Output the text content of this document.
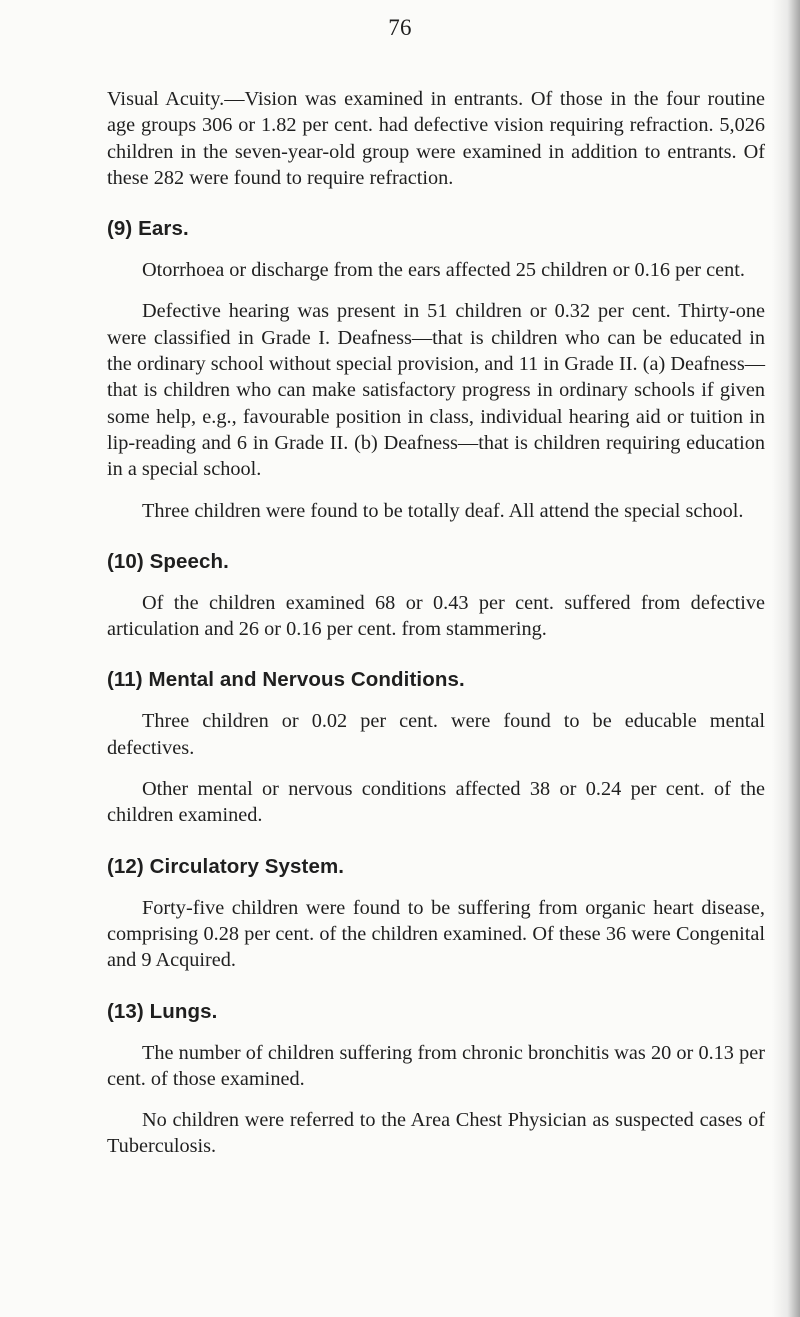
76

Visual Acuity.—Vision was examined in entrants. Of those in the four routine age groups 306 or 1.82 per cent. had defective vision requiring refraction. 5,026 children in the seven-year-old group were examined in addition to entrants. Of these 282 were found to require refraction.

(9) Ears.

Otorrhoea or discharge from the ears affected 25 children or 0.16 per cent.

Defective hearing was present in 51 children or 0.32 per cent. Thirty-one were classified in Grade I. Deafness—that is children who can be educated in the ordinary school without special provision, and 11 in Grade II. (a) Deafness—that is children who can make satisfactory progress in ordinary schools if given some help, e.g., favourable position in class, individual hearing aid or tuition in lip-reading and 6 in Grade II. (b) Deafness—that is children requiring education in a special school.

Three children were found to be totally deaf. All attend the special school.

(10) Speech.

Of the children examined 68 or 0.43 per cent. suffered from defective articulation and 26 or 0.16 per cent. from stammering.

(11) Mental and Nervous Conditions.

Three children or 0.02 per cent. were found to be educable mental defectives.

Other mental or nervous conditions affected 38 or 0.24 per cent. of the children examined.

(12) Circulatory System.

Forty-five children were found to be suffering from organic heart disease, comprising 0.28 per cent. of the children examined. Of these 36 were Congenital and 9 Acquired.

(13) Lungs.

The number of children suffering from chronic bronchitis was 20 or 0.13 per cent. of those examined.

No children were referred to the Area Chest Physician as suspected cases of Tuberculosis.
